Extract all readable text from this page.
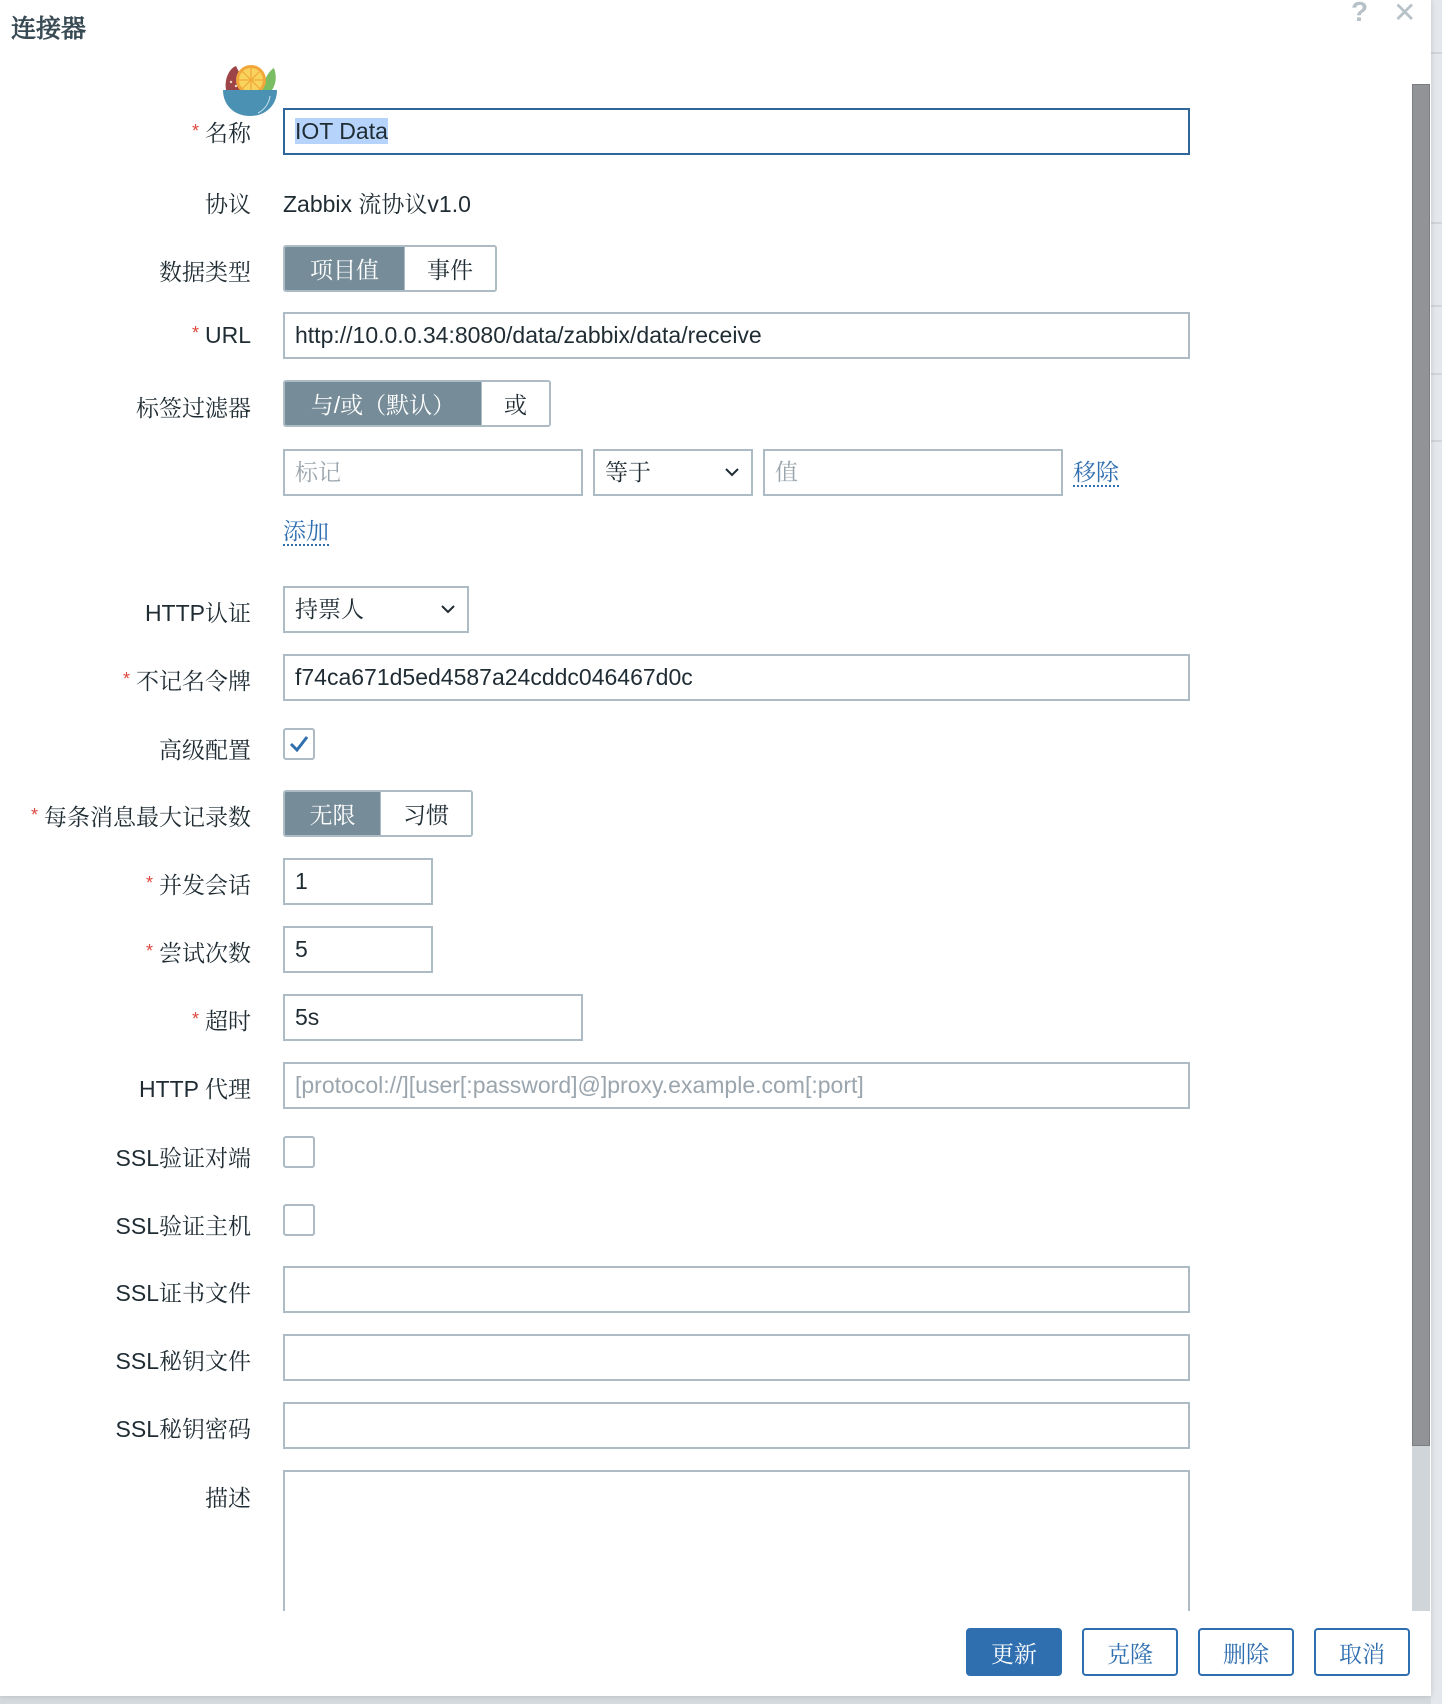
连接器
? ✕
* 名称	IOT Data
协议 Zabbix 流协议v1.0
数据类型	项目值	事件
* URL	http://10.0.0.34:8080/data/zabbix/data/receive
标签过滤器	与/或（默认）	或
标记	等于	值	移除
添加
HTTP认证	持票人
* 不记名令牌	f74ca671d5ed4587a24cddc046467d0c
高级配置
* 每条消息最大记录数	无限	习惯
* 并发会话	1
* 尝试次数	5
* 超时	5s
HTTP 代理	[protocol://][user[:password]@]proxy.example.com[:port]
SSL验证对端
SSL验证主机
SSL证书文件
SSL秘钥文件
SSL秘钥密码
描述
更新	克隆	删除	取消
